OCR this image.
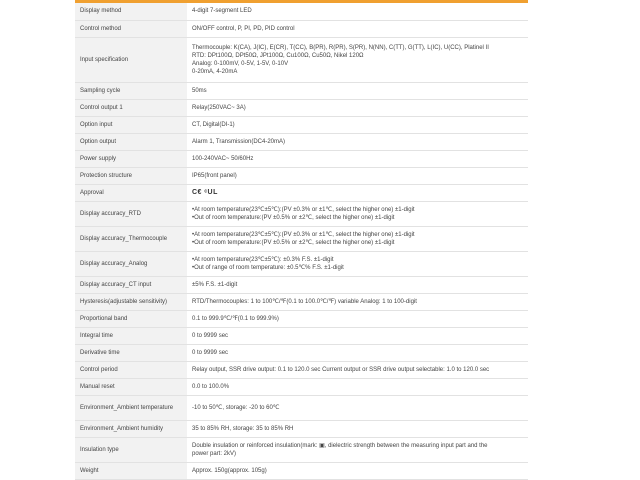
Display method	4-digit 7-segment LED

Control method	ON/OFF control, P, PI, PD, PID control

Input specification	Thermocouple: K(CA), J(IC), E(CR), T(CC), B(PR), R(PR), S(PR), N(NN), C(TT), G(TT), L(IC), U(CC), Platinel II
RTD: DPt100Ω, DPt50Ω, JPt100Ω, Cu100Ω, Cu50Ω, Nikel 120Ω
Analog: 0-100mV, 0-5V, 1-5V, 0-10V
0-20mA, 4-20mA

Sampling cycle	50ms

Control output 1	Relay(250VAC~ 3A)

Option input	CT, Digital(DI-1)

Option output	Alarm 1, Transmission(DC4-20mA)

Power supply	100-240VAC~ 50/60Hz

Protection structure	IP65(front panel)

Approval	C€ ᶜUL

Display accuracy_RTD	•At room temperature(23℃±5℃):(PV ±0.3% or ±1℃, select the higher one) ±1-digit
•Out of room temperature:(PV ±0.5% or ±2℃, select the higher one) ±1-digit

Display accuracy_Thermocouple	•At room temperature(23℃±5℃):(PV ±0.3% or ±1℃, select the higher one) ±1-digit
•Out of room temperature:(PV ±0.5% or ±2℃, select the higher one) ±1-digit

Display accuracy_Analog	•At room temperature(23℃±5℃): ±0.3% F.S. ±1-digit
•Out of range of room temperature: ±0.5℃% F.S. ±1-digit

Display accuracy_CT input	±5% F.S. ±1-digit

Hysteresis(adjustable sensitivity)	RTD/Thermocouples: 1 to 100℃/℉(0.1 to 100.0℃/℉) variable Analog: 1 to 100-digit

Proportional band	0.1 to 999.9℃/℉(0.1 to 999.9%)

Integral time	0 to 9999 sec

Derivative time	0 to 9999 sec

Control period	Relay output, SSR drive output: 0.1 to 120.0 sec Current output or SSR drive output selectable: 1.0 to 120.0 sec

Manual reset	0.0 to 100.0%

Environment_Ambient temperature	-10 to 50℃, storage: -20 to 60℃

Environment_Ambient humidity	35 to 85% RH, storage: 35 to 85% RH

Insulation type	Double insulation or reinforced insulation(mark: ▣, dielectric strength between the measuring input part and the
power part: 2kV)

Weight	Approx. 150g(approx. 105g)
